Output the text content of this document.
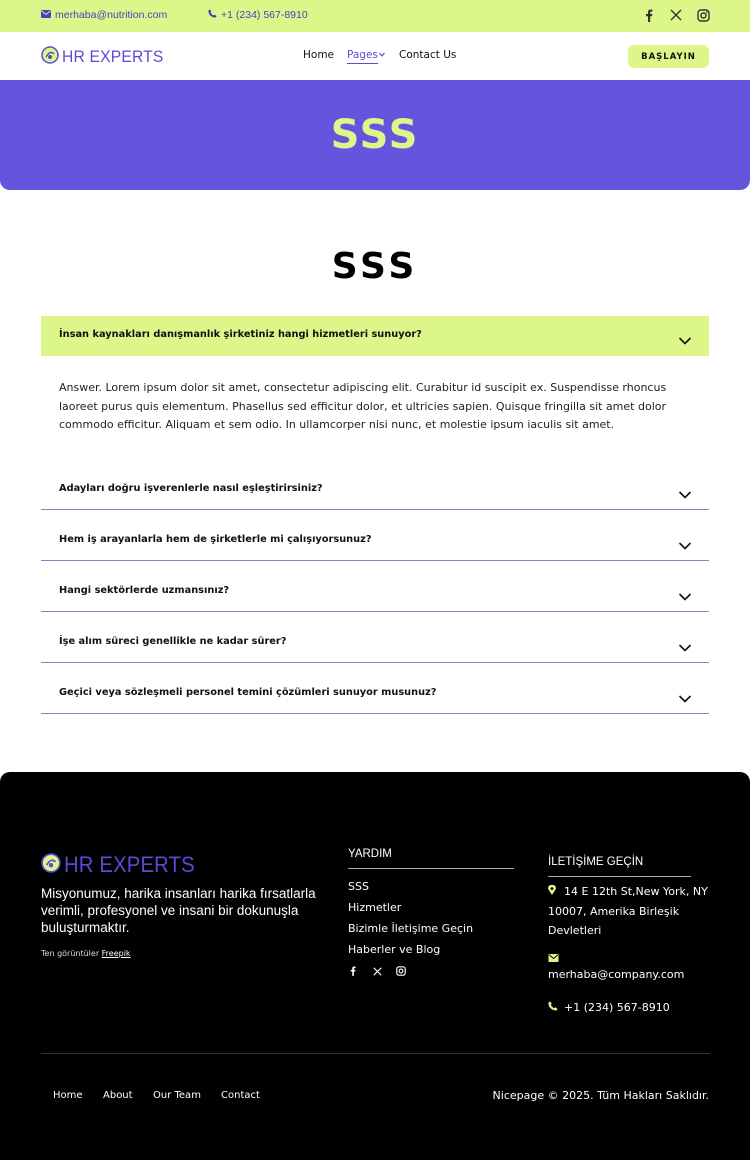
merhaba@nutrition.com	+1 (234) 567-8910
HR EXPERTS	Home Pages Contact Us	BAŞLAYIN
SSS
SSS
İnsan kaynakları danışmanlık şirketiniz hangi hizmetleri sunuyor?
Answer. Lorem ipsum dolor sit amet, consectetur adipiscing elit. Curabitur id suscipit ex. Suspendisse rhoncus laoreet purus quis elementum. Phasellus sed efficitur dolor, et ultricies sapien. Quisque fringilla sit amet dolor commodo efficitur. Aliquam et sem odio. In ullamcorper nisi nunc, et molestie ipsum iaculis sit amet.
Adayları doğru işverenlerle nasıl eşleştirirsiniz?
Hem iş arayanlarla hem de şirketlerle mi çalışıyorsunuz?
Hangi sektörlerde uzmansınız?
İşe alım süreci genellikle ne kadar sürer?
Geçici veya sözleşmeli personel temini çözümleri sunuyor musunuz?
HR EXPERTS
Misyonumuz, harika insanları harika fırsatlarla verimli, profesyonel ve insani bir dokunuşla buluşturmaktır.
Ten görüntüler Freepik
YARDIM
SSS
Hizmetler
Bizimle İletişime Geçin
Haberler ve Blog
İLETİŞİME GEÇİN
14 E 12th St,New York, NY 10007, Amerika Birleşik Devletleri
merhaba@company.com
+1 (234) 567-8910
Home About Our Team Contact	Nicepage © 2025. Tüm Hakları Saklıdır.
